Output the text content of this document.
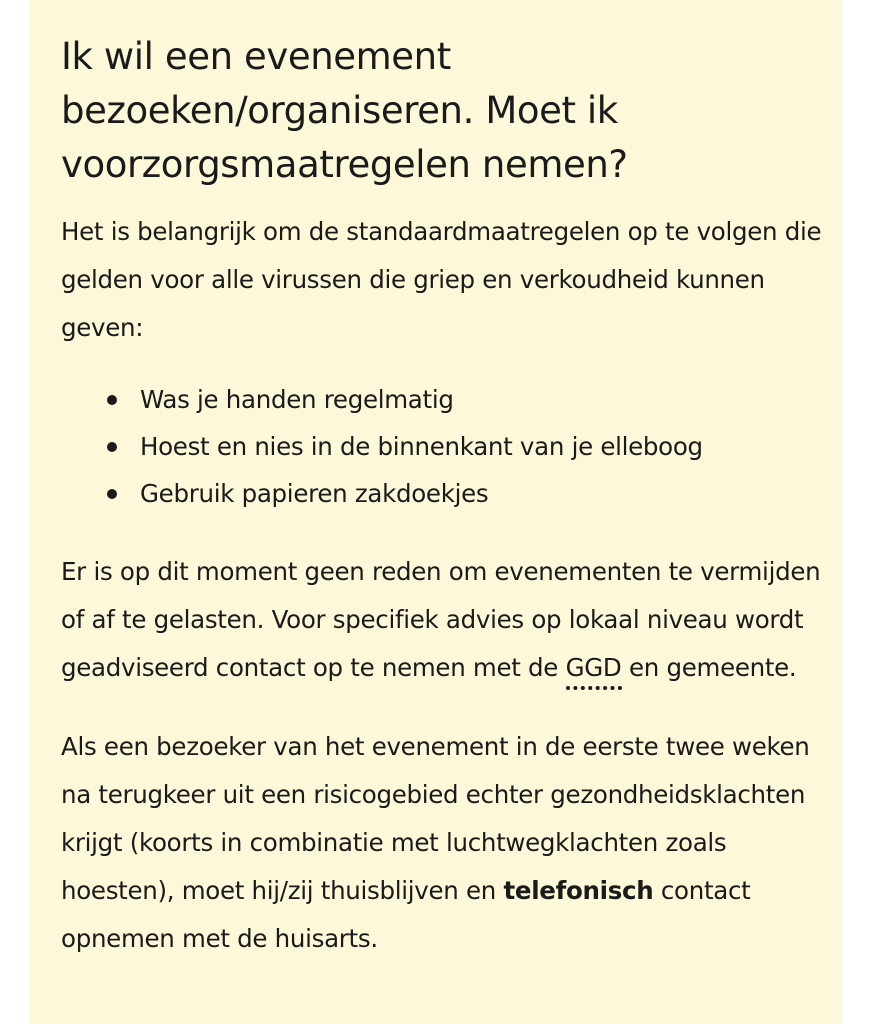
Ik wil een evenement bezoeken/organiseren. Moet ik voorzorgsmaatregelen nemen?

Het is belangrijk om de standaardmaatregelen op te volgen die gelden voor alle virussen die griep en verkoudheid kunnen geven:

Was je handen regelmatig
Hoest en nies in de binnenkant van je elleboog
Gebruik papieren zakdoekjes

Er is op dit moment geen reden om evenementen te vermijden of af te gelasten. Voor specifiek advies op lokaal niveau wordt geadviseerd contact op te nemen met de GGD en gemeente.

Als een bezoeker van het evenement in de eerste twee weken na terugkeer uit een risicogebied echter gezondheidsklachten krijgt (koorts in combinatie met luchtwegklachten zoals hoesten), moet hij/zij thuisblijven en telefonisch contact opnemen met de huisarts.
